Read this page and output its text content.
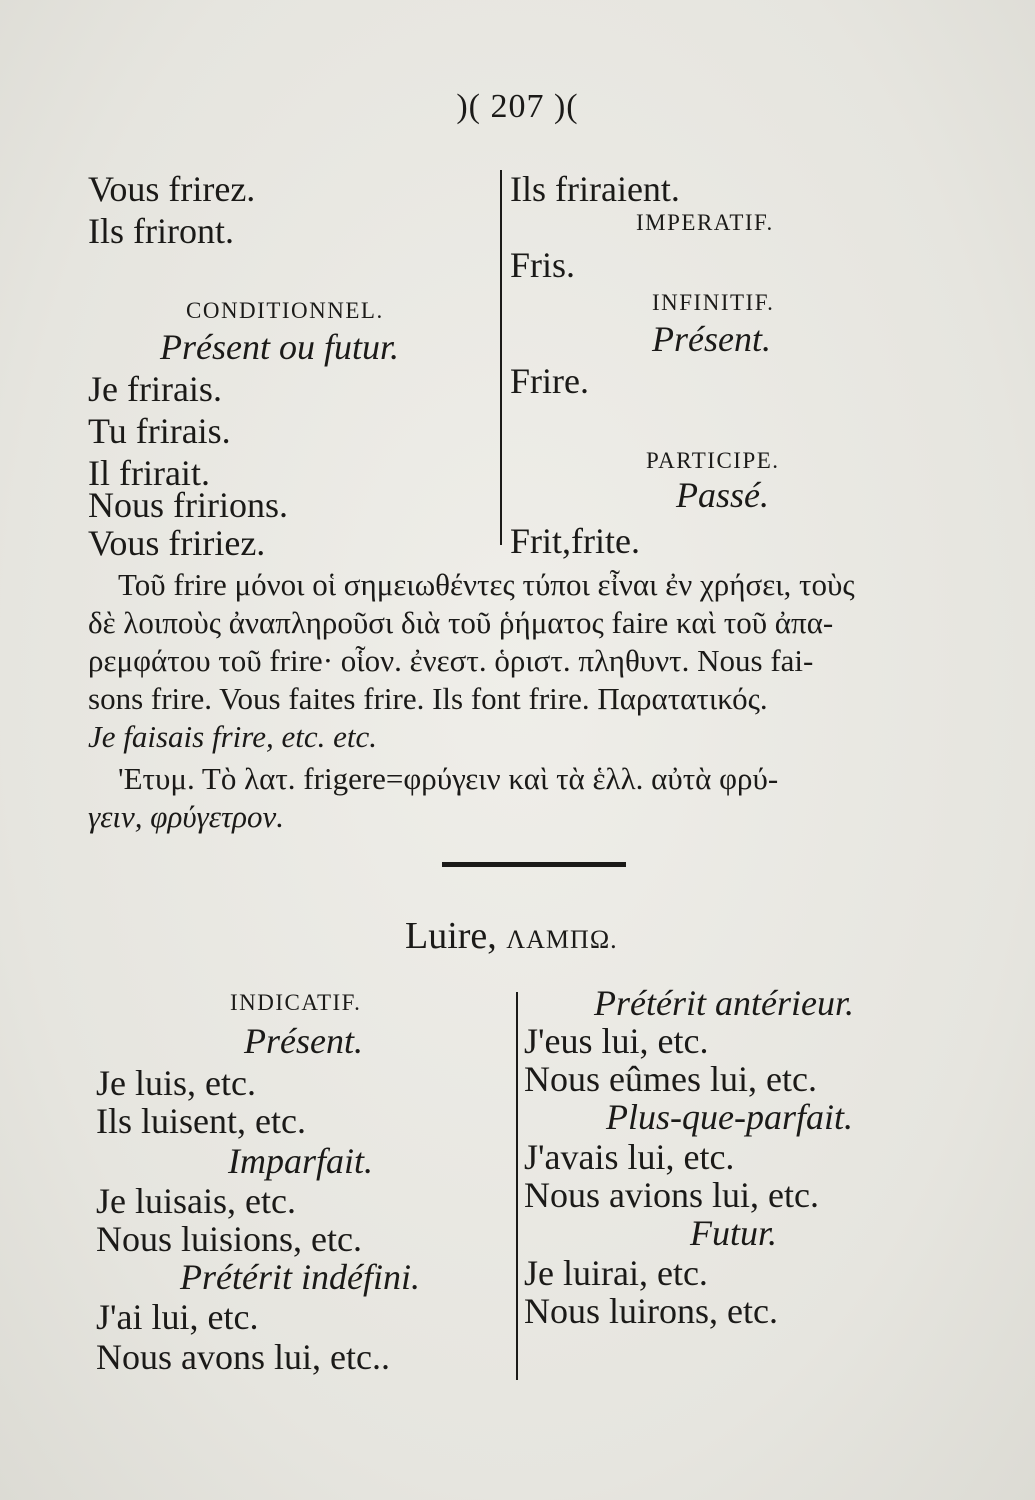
)( 207 )(
Vous frirez.
Ils friront.
CONDITIONNEL.
Présent ou futur.
Je frirais.
Tu frirais.
Il frirait.
Nous fririons.
Vous fririez.
Ils friraient.
IMPERATIF.
Fris.
INFINITIF.
Présent.
Frire.
PARTICIPE.
Passé.
Frit,frite.
Τοῦ frire μόνοι οἱ σημειωθέντες τύποι εἶναι ἐν χρήσει, τοὺς
δὲ λοιποὺς ἀναπληροῦσι διὰ τοῦ ῥήματος faire καὶ τοῦ ἀπα-
ρεμφάτου τοῦ frire· οἷον. ἐνεστ. ὁριστ. πληθυντ. Nous fai-
sons frire. Vous faites frire. Ils font frire. Παρατατικός.
Je faisais frire, etc. etc.
'Ετυμ. Τὸ λατ. frigere=φρύγειν καὶ τὰ ἑλλ. αὐτὰ φρύ-
γειν, φρύγετρον.
Luire, ΛΑΜΠΩ.
INDICATIF.
Présent.
Je luis, etc.
Ils luisent, etc.
Imparfait.
Je luisais, etc.
Nous luisions, etc.
Prétérit indéfini.
J'ai lui, etc.
Nous avons lui, etc..
Prétérit antérieur.
J'eus lui, etc.
Nous eûmes lui, etc.
Plus-que-parfait.
J'avais lui, etc.
Nous avions lui, etc.
Futur.
Je luirai, etc.
Nous luirons, etc.
